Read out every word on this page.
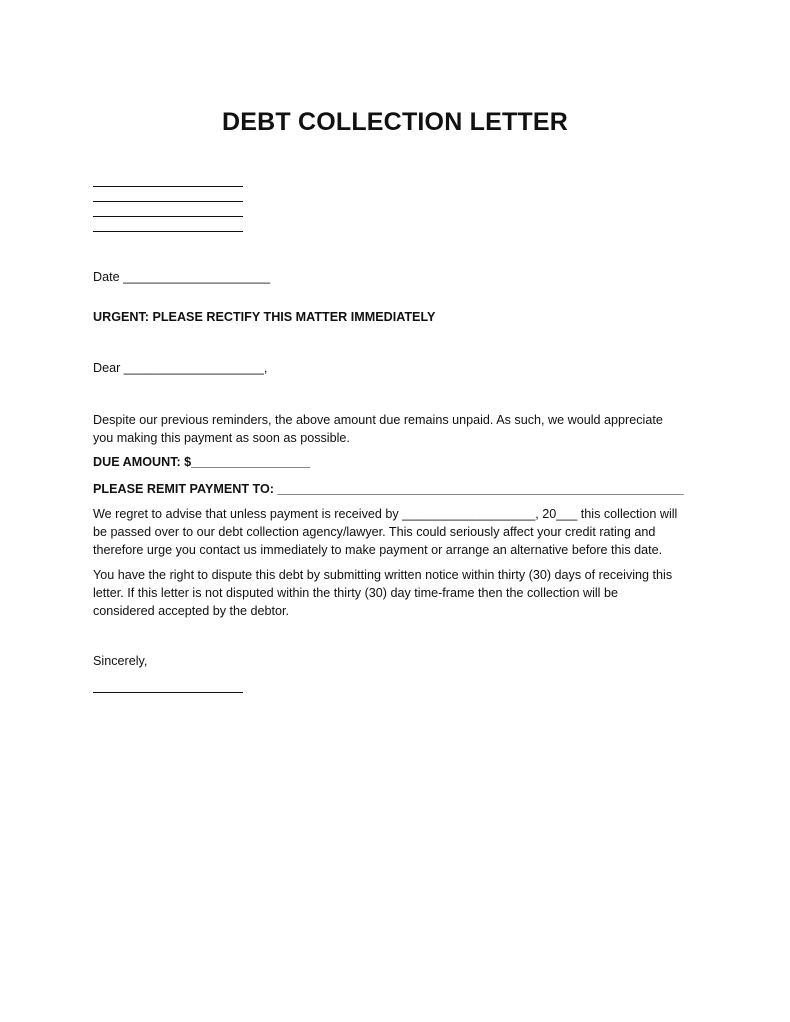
DEBT COLLECTION LETTER
Date _____________________
URGENT: PLEASE RECTIFY THIS MATTER IMMEDIATELY
Dear ____________________,
Despite our previous reminders, the above amount due remains unpaid. As such, we would appreciate
you making this payment as soon as possible.
DUE AMOUNT: $_________________
PLEASE REMIT PAYMENT TO: __________________________________________________________
We regret to advise that unless payment is received by ___________________, 20___ this collection will
be passed over to our debt collection agency/lawyer. This could seriously affect your credit rating and
therefore urge you contact us immediately to make payment or arrange an alternative before this date.
You have the right to dispute this debt by submitting written notice within thirty (30) days of receiving this
letter. If this letter is not disputed within the thirty (30) day time-frame then the collection will be
considered accepted by the debtor.
Sincerely,
